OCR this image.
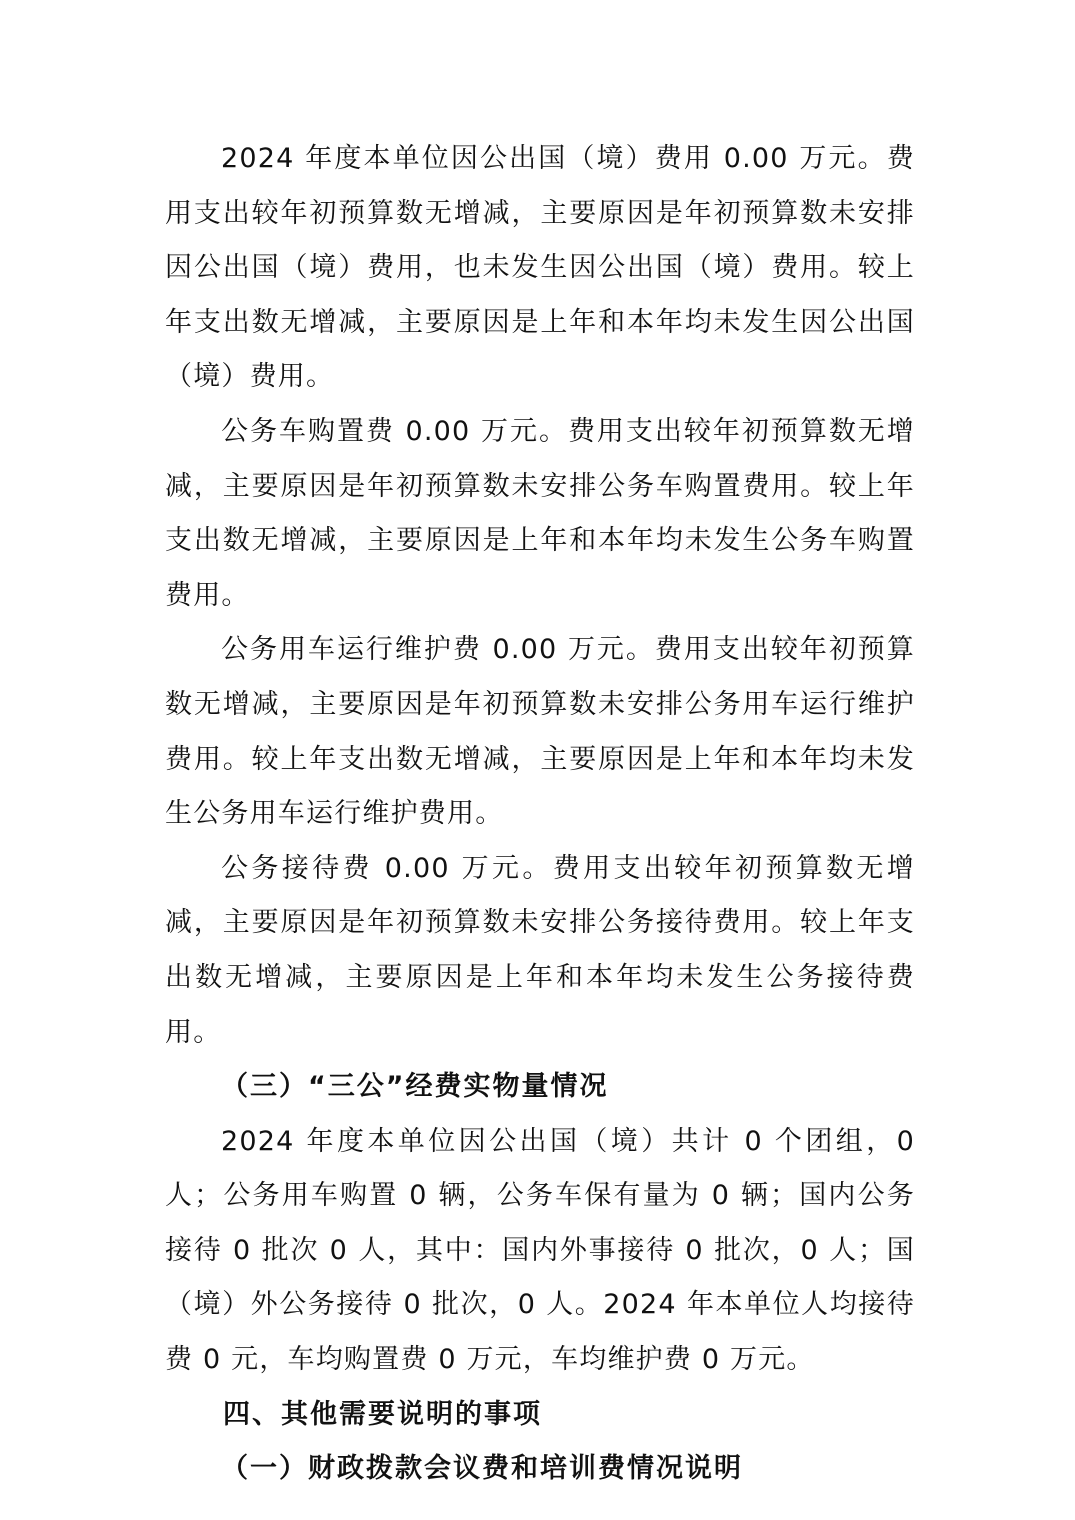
2024 年度本单位因公出国（境）费用 0.00 万元。费用支出较年初预算数无增减，主要原因是年初预算数未安排因公出国（境）费用，也未发生因公出国（境）费用。较上年支出数无增减，主要原因是上年和本年均未发生因公出国（境）费用。

公务车购置费 0.00 万元。费用支出较年初预算数无增减，主要原因是年初预算数未安排公务车购置费用。较上年支出数无增减，主要原因是上年和本年均未发生公务车购置费用。

公务用车运行维护费 0.00 万元。费用支出较年初预算数无增减，主要原因是年初预算数未安排公务用车运行维护费用。较上年支出数无增减，主要原因是上年和本年均未发生公务用车运行维护费用。

公务接待费 0.00 万元。费用支出较年初预算数无增减，主要原因是年初预算数未安排公务接待费用。较上年支出数无增减，主要原因是上年和本年均未发生公务接待费用。

（三）“三公”经费实物量情况

2024 年度本单位因公出国（境）共计 0 个团组，0 人；公务用车购置 0 辆，公务车保有量为 0 辆；国内公务接待 0 批次 0 人，其中：国内外事接待 0 批次，0 人；国（境）外公务接待 0 批次，0 人。2024 年本单位人均接待费 0 元，车均购置费 0 万元，车均维护费 0 万元。

四、其他需要说明的事项

（一）财政拨款会议费和培训费情况说明
